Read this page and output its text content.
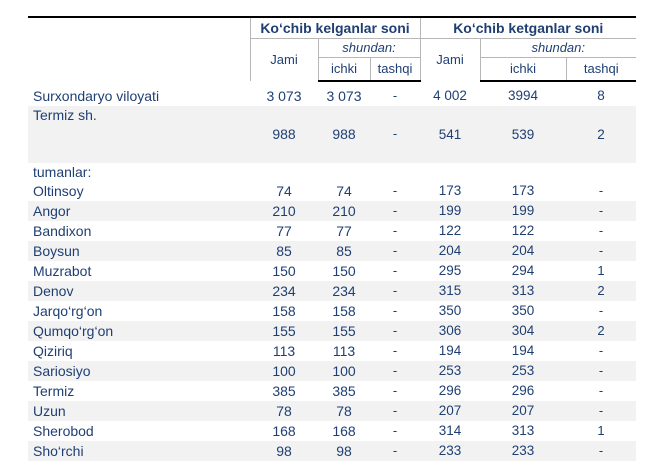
	Ko‘chib kelganlar soni			Ko‘chib ketganlar soni		
	Jami	shundan:		Jami	shundan:	
		ichki	tashqi		ichki	tashqi

Surxondaryo viloyati	3 073	3 073	-	4 002	3994	8
Termiz sh.	988	988	-	541	539	2
tumanlar:						
Oltinsoy	74	74	-	173	173	-
Angor	210	210	-	199	199	-
Bandixon	77	77	-	122	122	-
Boysun	85	85	-	204	204	-
Muzrabot	150	150	-	295	294	1
Denov	234	234	-	315	313	2
Jarqo‘rg‘on	158	158	-	350	350	-
Qumqo‘rg‘on	155	155	-	306	304	2
Qiziriq	113	113	-	194	194	-
Sariosiyo	100	100	-	253	253	-
Termiz	385	385	-	296	296	-
Uzun	78	78	-	207	207	-
Sherobod	168	168	-	314	313	1
Sho‘rchi	98	98	-	233	233	-
